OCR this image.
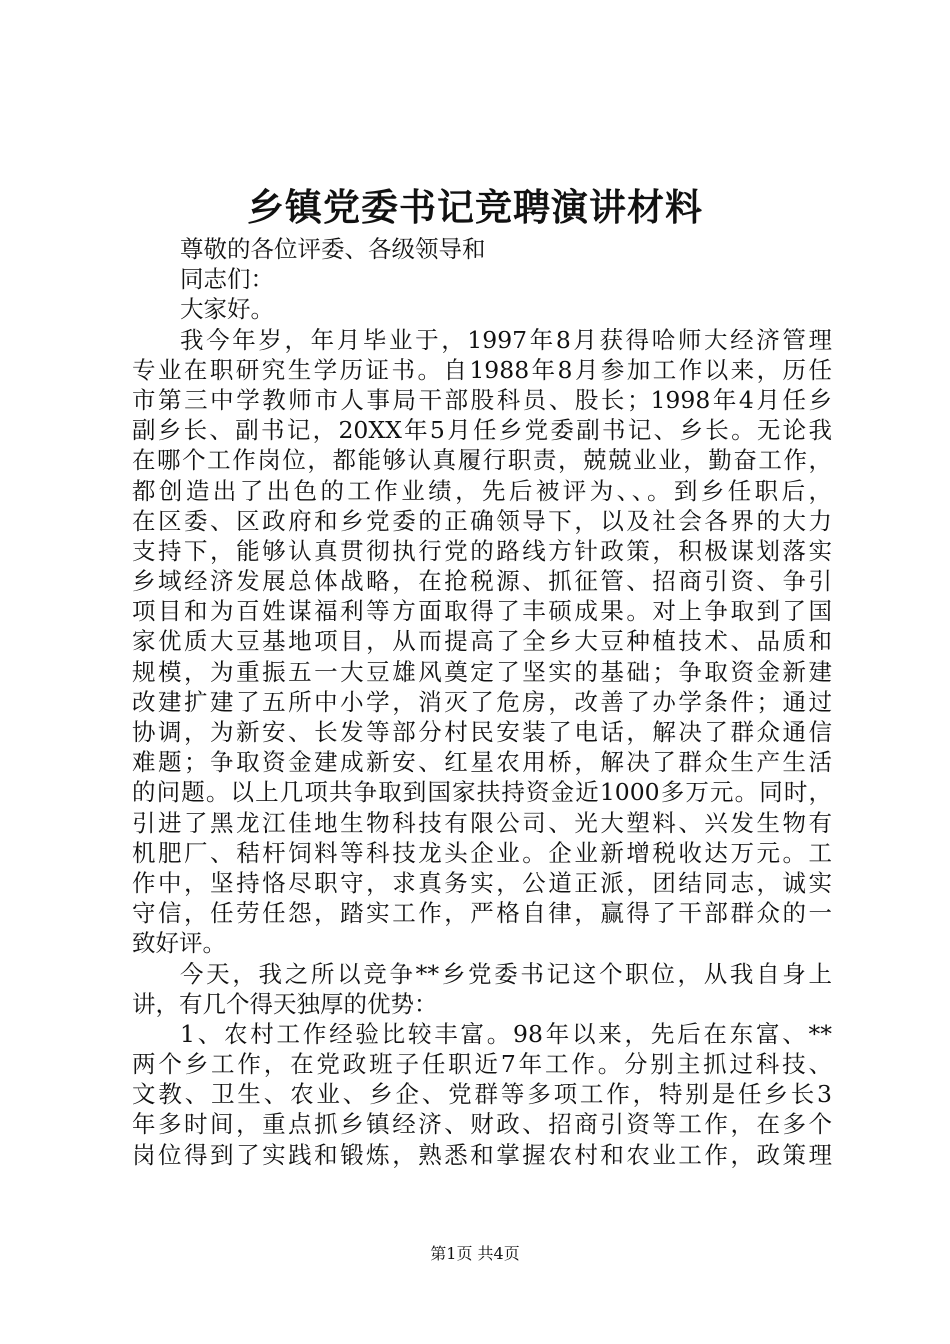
乡镇党委书记竞聘演讲材料
尊敬的各位评委、各级领导和
同志们：
大家好。
我今年岁，年月毕业于，1997年8月获得哈师大经济管理
专业在职研究生学历证书。自1988年8月参加工作以来，历任
市第三中学教师市人事局干部股科员、股长；1998年4月任乡
副乡长、副书记，20XX年5月任乡党委副书记、乡长。无论我
在哪个工作岗位，都能够认真履行职责，兢兢业业，勤奋工作，
都创造出了出色的工作业绩，先后被评为、、。到乡任职后，
在区委、区政府和乡党委的正确领导下，以及社会各界的大力
支持下，能够认真贯彻执行党的路线方针政策，积极谋划落实
乡域经济发展总体战略，在抢税源、抓征管、招商引资、争引
项目和为百姓谋福利等方面取得了丰硕成果。对上争取到了国
家优质大豆基地项目，从而提高了全乡大豆种植技术、品质和
规模，为重振五一大豆雄风奠定了坚实的基础；争取资金新建
改建扩建了五所中小学，消灭了危房，改善了办学条件；通过
协调，为新安、长发等部分村民安装了电话，解决了群众通信
难题；争取资金建成新安、红星农用桥，解决了群众生产生活
的问题。以上几项共争取到国家扶持资金近1000多万元。同时，
引进了黑龙江佳地生物科技有限公司、光大塑料、兴发生物有
机肥厂、秸杆饲料等科技龙头企业。企业新增税收达万元。工
作中，坚持恪尽职守，求真务实，公道正派，团结同志，诚实
守信，任劳任怨，踏实工作，严格自律，赢得了干部群众的一
致好评。
今天，我之所以竞争**乡党委书记这个职位，从我自身上
讲，有几个得天独厚的优势：
1、农村工作经验比较丰富。98年以来，先后在东富、**
两个乡工作，在党政班子任职近7年工作。分别主抓过科技、
文教、卫生、农业、乡企、党群等多项工作，特别是任乡长3
年多时间，重点抓乡镇经济、财政、招商引资等工作，在多个
岗位得到了实践和锻炼，熟悉和掌握农村和农业工作，政策理
第1页 共4页
